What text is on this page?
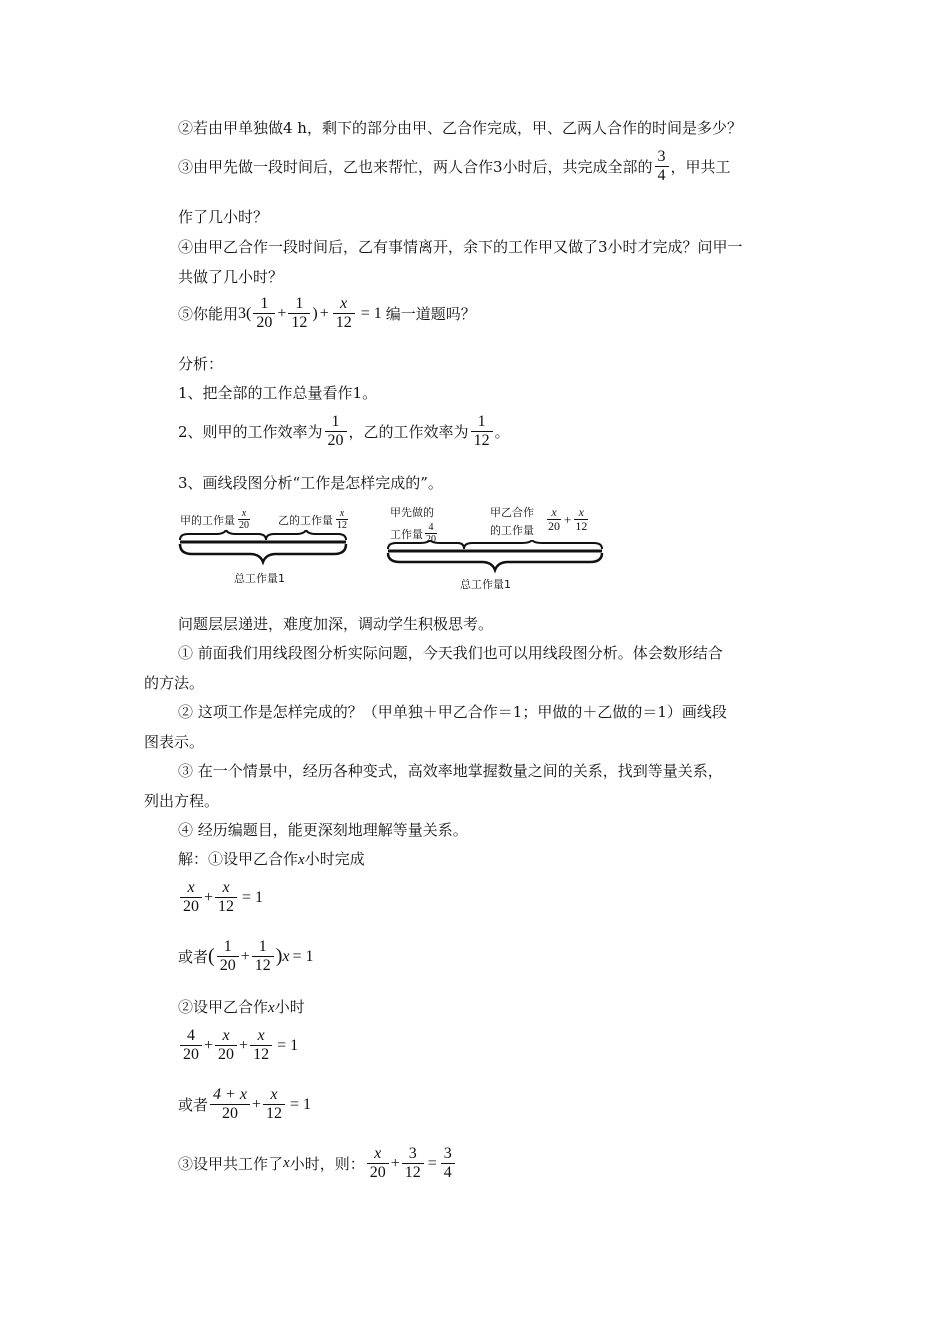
②若由甲单独做4 h，剩下的部分由甲、乙合作完成，甲、乙两人合作的时间是多少？
③由甲先做一段时间后，乙也来帮忙，两人合作3小时后，共完成全部的 $\frac{3}{4}$ ，甲共工
作了几小时？
④由甲乙合作一段时间后，乙有事情离开，余下的工作甲又做了3小时才完成？问甲一
共做了几小时？
⑤你能用 $3( \frac{1}{20} + \frac{1}{12}$ ) + $\frac{x}{12} = 1$ 编一道题吗？
分析：
1、把全部的工作总量看作1。
2、则甲的工作效率为 $\frac{1}{20}$ ，乙的工作效率为 $\frac{1}{12}$ 。
3、画线段图分析“工作是怎样完成的”。
甲的工作量 x
20	乙的工作量 x
12
总工作量1
甲先做的
工作量 4
20
甲乙合作
的工作量
x
$20 + \frac{x}{12}$
总工作量1
问题层层递进，难度加深，调动学生积极思考。
① 前面我们用线段图分析实际问题，今天我们也可以用线段图分析。体会数形结合
的方法。
② 这项工作是怎样完成的？（甲单独＋甲乙合作＝1；甲做的＋乙做的＝1）画线段
图表示。
③ 在一个情景中，经历各种变式，高效率地掌握数量之间的关系，找到等量关系，
列出方程。
④ 经历编题目，能更深刻地理解等量关系。
解：①设甲乙合作x小时完成
$\frac{x}{20} + \frac{x}{12} = 1$
或者 ( $\frac{1}{20} + \frac{1}{12}$ ) x = 1
②设甲乙合作x小时
$\frac{4}{20} + \frac{x}{20} + \frac{x}{12} = 1$
或者 $\frac{4 + x}{20} + \frac{x}{12} = 1$
③设甲共工作了 x 小时，则： $\frac{x}{20} + \frac{3}{12} = \frac{3}{4}$
